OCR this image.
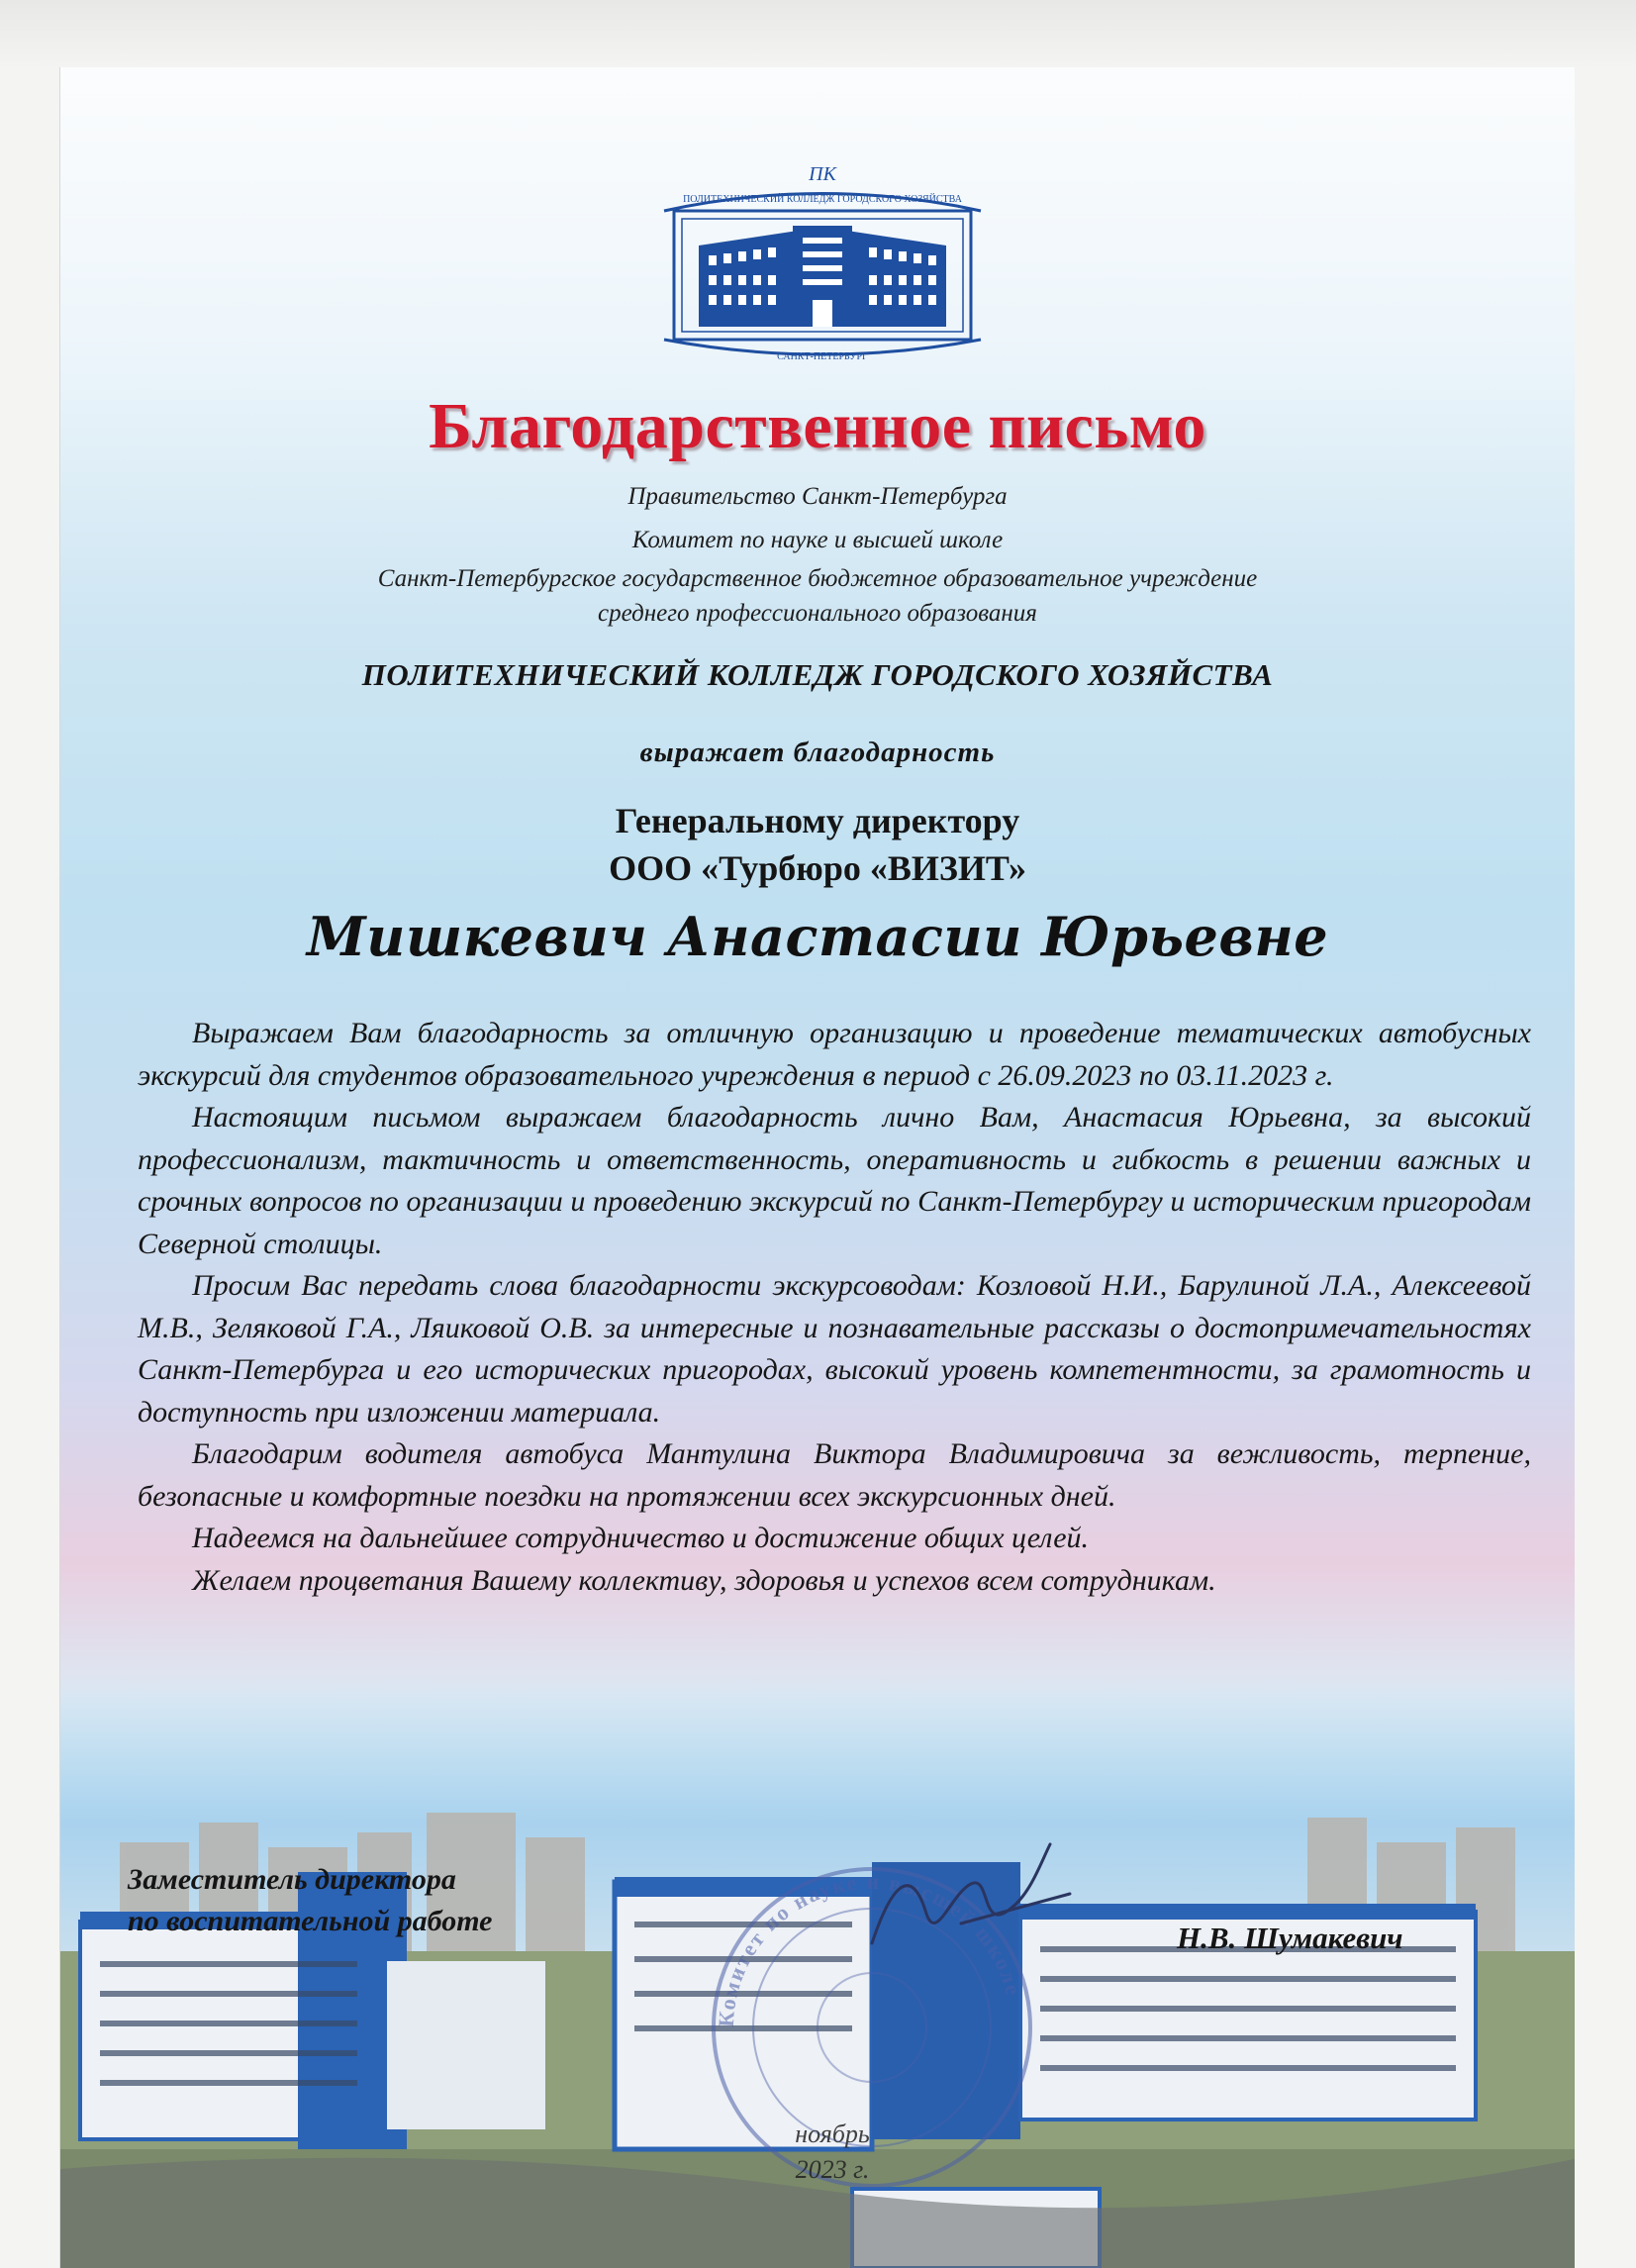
ПОЛИТЕХНИЧЕСКИЙ КОЛЛЕДЖ ГОРОДСКОГО ХОЗЯЙСТВА
ПК
САНКТ-ПЕТЕРБУРГ
Благодарственное письмо
Правительство Санкт-Петербурга
Комитет по науке и высшей школе
Санкт-Петербургское государственное бюджетное образовательное учреждение
среднего профессионального образования
ПОЛИТЕХНИЧЕСКИЙ КОЛЛЕДЖ ГОРОДСКОГО ХОЗЯЙСТВА
выражает благодарность
Генеральному директору
ООО «Турбюро «ВИЗИТ»
Мишкевич Анастасии Юрьевне

Выражаем Вам благодарность за отличную организацию и проведение тематических автобусных экскурсий для студентов образовательного учреждения в период с 26.09.2023 по 03.11.2023 г.

Настоящим письмом выражаем благодарность лично Вам, Анастасия Юрьевна, за высокий профессионализм, тактичность и ответственность, оперативность и гибкость в решении важных и срочных вопросов по организации и проведению экскурсий по Санкт-Петербургу и историческим пригородам Северной столицы.

Просим Вас передать слова благодарности экскурсоводам: Козловой Н.И., Барулиной Л.А., Алексеевой М.В., Зеляковой Г.А., Ляиковой О.В. за интересные и познавательные рассказы о достопримечательностях Санкт-Петербурга и его исторических пригородах, высокий уровень компетентности, за грамотность и доступность при изложении материала.

Благодарим водителя автобуса Мантулина Виктора Владимировича за вежливость, терпение, безопасные и комфортные поездки на протяжении всех экскурсионных дней.

Надеемся на дальнейшее сотрудничество и достижение общих целей.

Желаем процветания Вашему коллективу, здоровья и успехов всем сотрудникам.

Комитет по науке и высшей школе
Заместитель директора
по воспитательной работе	Н.В. Шумакевич
ноябрь
2023 г.
